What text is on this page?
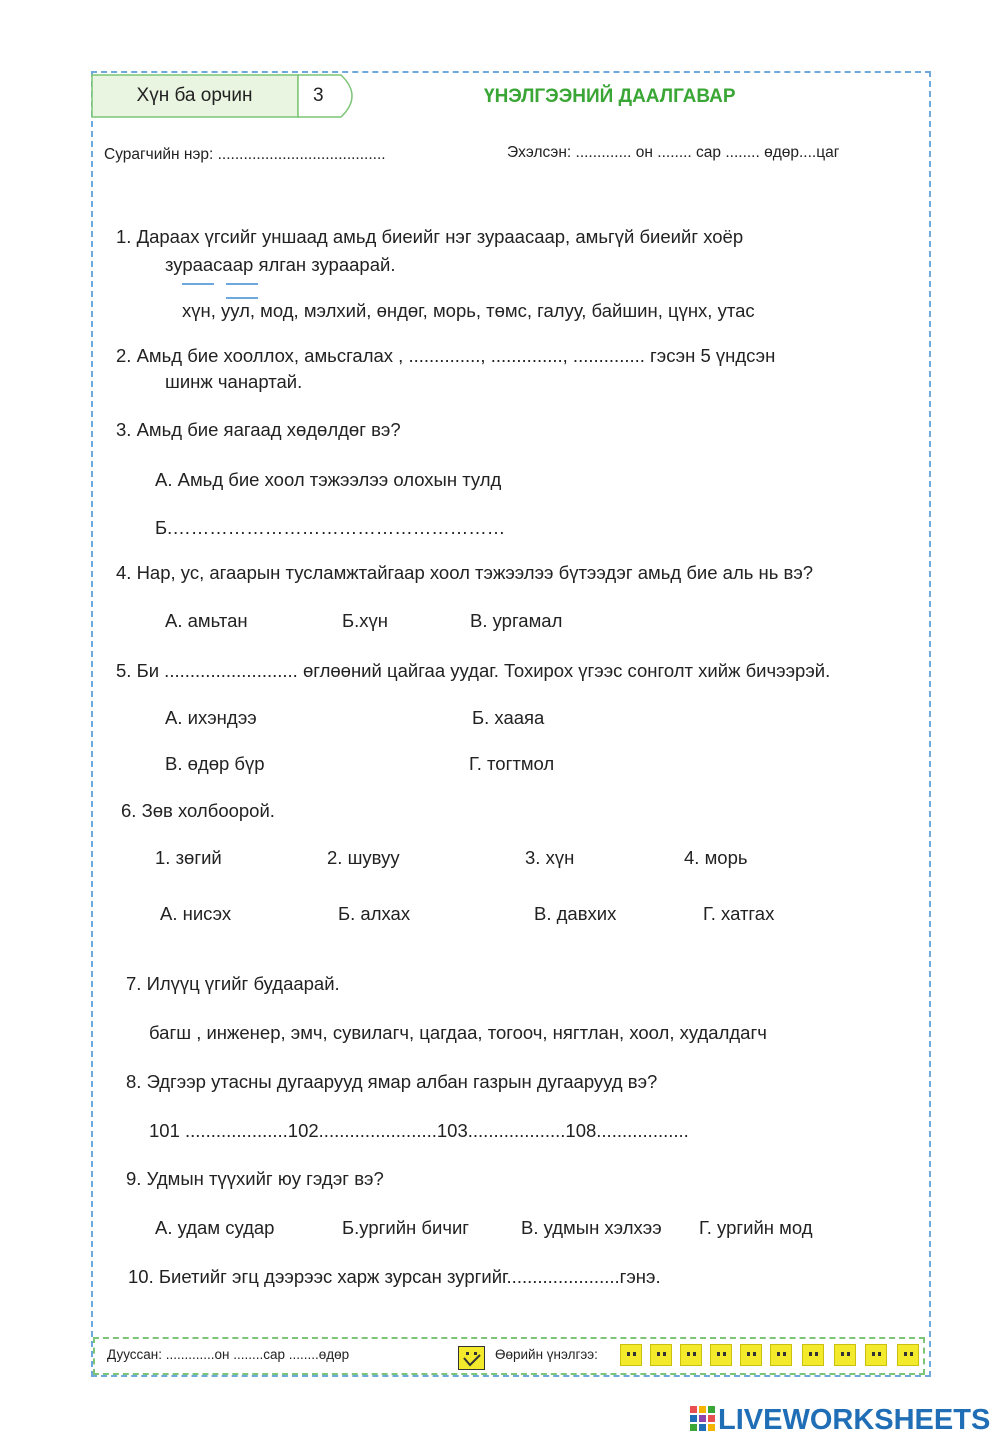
Хүн ба орчин	3	ҮНЭЛГЭЭНИЙ ДААЛГАВАР
Сурагчийн нэр: .......................................	Эхэлсэн: ............. он ........ сар ........ өдөр....цаг
1. Дараах үгсийг уншаад амьд биеийг нэг зураасаар, амьгүй биеийг хоёр
зураасаар ялган зураарай.
хүн, уул, мод, мэлхий, өндөг, морь, төмс, галуу, байшин, цүнх, утас
2. Амьд бие хооллох, амьсгалах , .............., .............., .............. гэсэн 5 үндсэн
шинж чанартай.
3. Амьд бие яагаад хөдөлдөг вэ?
А. Амьд бие хоол тэжээлээ олохын тулд
Б.………………………………………………
4. Нар, ус, агаарын тусламжтайгаар хоол тэжээлээ бүтээдэг амьд бие аль нь вэ?
А. амьтан	Б.хүн	В. ургамал
5. Би .......................... өглөөний цайгаа уудаг. Тохирох үгээс сонголт хийж бичээрэй.
А. ихэндээ	Б. хааяа
В. өдөр бүр	Г. тогтмол
6. Зөв холбоорой.
1. зөгий	2. шувуу	3. хүн	4. морь
А. нисэх	Б. алхах	В. давхих	Г. хатгах
7. Илүүц үгийг будаарай.
багш , инженер, эмч, сувилагч, цагдаа, тогооч, нягтлан, хоол, худалдагч
8. Эдгээр утасны дугаарууд ямар албан газрын дугаарууд вэ?
101 ....................102.......................103...................108..................
9. Удмын түүхийг юу гэдэг вэ?
А. удам судар	Б.ургийн бичиг	В. удмын хэлхээ Г. ургийн мод
10. Биетийг эгц дээрээс харж зурсан зургийг......................гэнэ.
Дууссан: .............он ........сар ........өдөр	Өөрийн үнэлгээ:
LIVEWORKSHEETS
